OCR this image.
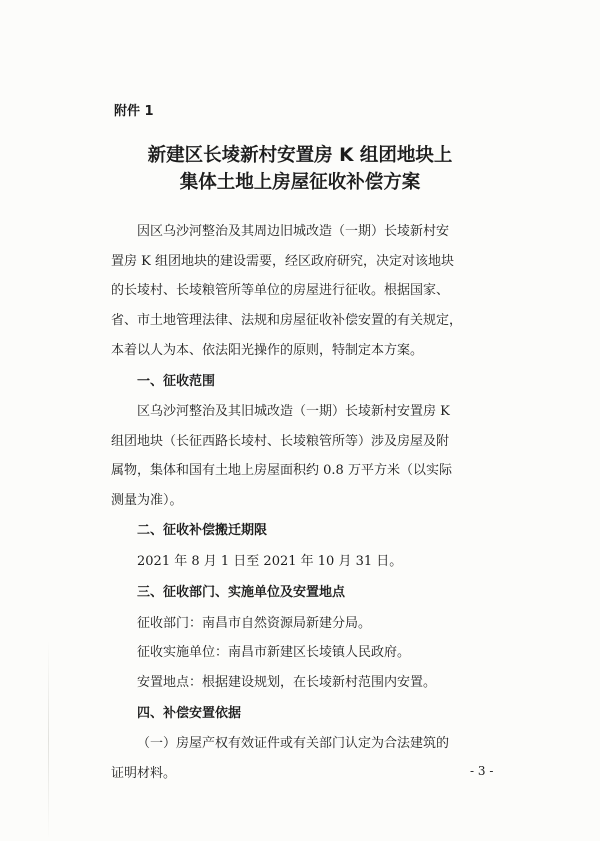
附件 1
新建区长堎新村安置房 K 组团地块上
集体土地上房屋征收补偿方案
因区乌沙河整治及其周边旧城改造（一期）长堎新村安
置房 K 组团地块的建设需要，经区政府研究，决定对该地块
的长堎村、长堎粮管所等单位的房屋进行征收。根据国家、
省、市土地管理法律、法规和房屋征收补偿安置的有关规定，
本着以人为本、依法阳光操作的原则，特制定本方案。
一、征收范围
区乌沙河整治及其旧城改造（一期）长堎新村安置房 K
组团地块（长征西路长堎村、长堎粮管所等）涉及房屋及附
属物，集体和国有土地上房屋面积约 0.8 万平方米（以实际
测量为准）。
二、征收补偿搬迁期限
2021 年 8 月 1 日至 2021 年 10 月 31 日。
三、征收部门、实施单位及安置地点
征收部门：南昌市自然资源局新建分局。
征收实施单位：南昌市新建区长堎镇人民政府。
安置地点：根据建设规划，在长堎新村范围内安置。
四、补偿安置依据
（一）房屋产权有效证件或有关部门认定为合法建筑的
证明材料。	- 3 -
